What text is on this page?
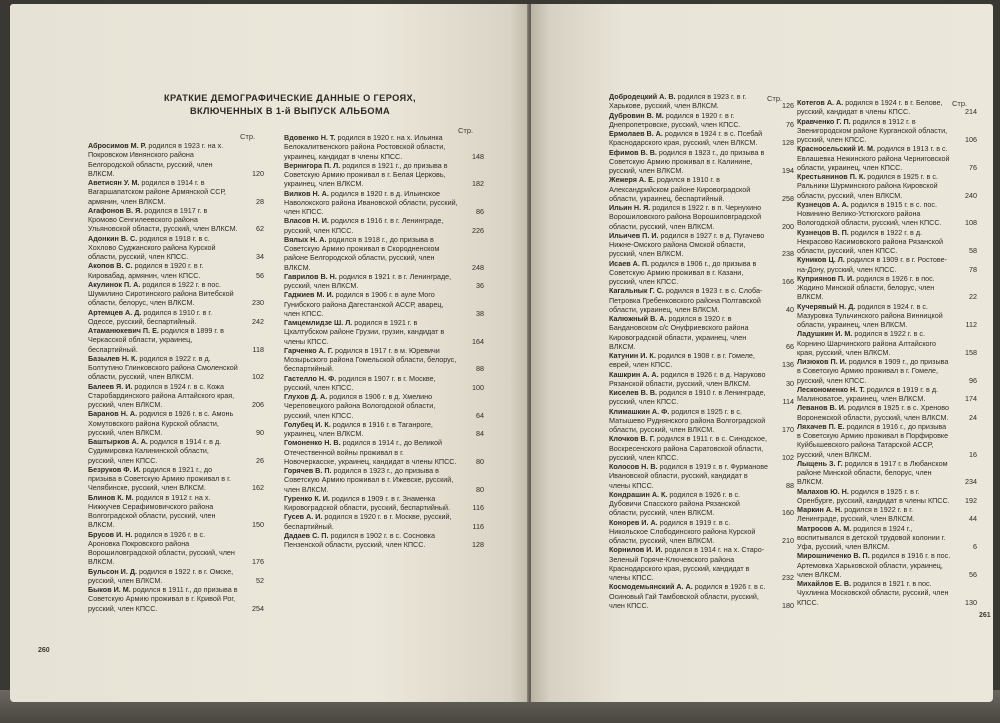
КРАТКИЕ ДЕМОГРАФИЧЕСКИЕ ДАННЫЕ О ГЕРОЯХ,
ВКЛЮЧЕННЫХ В 1-й ВЫПУСК АЛЬБОМА
Стр.
Стр.
Абросимов М. Р. родился в 1923 г. на х. Покровском Ивнянского района Белгородской области, русский, член ВЛКСМ.	120
Аветисян У. М. родился в 1914 г. в Вагаршапатском районе Армянской ССР, армянин, член ВЛКСМ.	28
Агафонов В. Я. родился в 1917 г. в Кромово Сенгилеевского района Ульяновской области, русский, член ВЛКСМ.	62
Адонкин В. С. родился в 1918 г. в с. Хохлово Суджанского района Курской области, русский, член КПСС.	34
Акопов В. С. родился в 1920 г. в г. Кировабад, армянин, член КПСС.	56
Акулинок П. А. родился в 1922 г. в пос. Шумилино Сиротинского района Витебской области, белорус, член ВЛКСМ.	230
Артемцев А. Д. родился в 1910 г. в г. Одессе, русский, беспартийный.	242
Атаманюкевич П. Е. родился в 1899 г. в Черкасской области, украинец, беспартийный.	118
Базылев Н. К. родился в 1922 г. в д. Болтутино Глинковского района Смоленской области, русский, член ВЛКСМ.	102
Балеев Я. И. родился в 1924 г. в с. Кожа Старобардинского района Алтайского края, русский, член ВЛКСМ.	206
Баранов Н. А. родился в 1926 г. в с. Амонь Хомутовского района Курской области, русский, член ВЛКСМ.	90
Баштырков А. А. родился в 1914 г. в д. Судимировка Калининской области, русский, член КПСС.	26
Безруков Ф. И. родился в 1921 г., до призыва в Советскую Армию проживал в г. Челябинске, русский, член ВЛКСМ.	162
Блинов К. М. родился в 1912 г. на х. Нижкучев Серафимовичского района Волгоградской области, русский, член ВЛКСМ.	150
Брусов И. Н. родился в 1926 г. в с. Ароновка Покровского района Ворошиловградской области, русский, член ВЛКСМ.	176
Бульсон И. Д. родился в 1922 г. в г. Омске, русский, член ВЛКСМ.	52
Быков И. М. родился в 1911 г., до призыва в Советскую Армию проживал в г. Кривой Рог, русский, член КПСС.	254
Вдовенко Н. Т. родился в 1920 г. на х. Ильинка Белокалитвенского района Ростовской области, украинец, кандидат в члены КПСС.	148
Вернигора П. Л. родился в 1921 г., до призыва в Советскую Армию проживал в г. Белая Церковь, украинец, член ВЛКСМ.	182
Вилков Н. А. родился в 1920 г. в д. Ильинское Наволокского района Ивановской области, русский, член КПСС.	86
Власов Н. И. родился в 1916 г. в г. Ленинграде, русский, член КПСС.	226
Вялых Н. А. родился в 1918 г., до призыва в Советскую Армию проживал в Скородненском районе Белгородской области, русский, член ВЛКСМ.	248
Гаврилов В. Н. родился в 1921 г. в г. Ленинграде, русский, член ВЛКСМ.	36
Гаджиев М. И. родился в 1906 г. в ауле Мого Гунибского района Дагестанской АССР, аварец, член КПСС.	38
Гамцемлидзе Ш. Л. родился в 1921 г. в Цхалтубском районе Грузии, грузин, кандидат в члены КПСС.	164
Гарченко А. Г. родился в 1917 г. в м. Юревичи Мозырьского района Гомельской области, белорус, беспартийный.	88
Гастелло Н. Ф. родился в 1907 г. в г. Москве, русский, член КПСС.	100
Глухов Д. А. родился в 1906 г. в д. Хмелино Череповецкого района Вологодской области, русский, член КПСС.	64
Голубец И. К. родился в 1916 г. в Таганроге, украинец, член ВЛКСМ.	84
Гомоненко Н. В. родился в 1914 г., до Великой Отечественной войны проживал в г. Новочеркасске, украинец, кандидат в члены КПСС.	80
Горячев В. П. родился в 1923 г., до призыва в Советскую Армию проживал в г. Ижевске, русский, член ВЛКСМ.	80
Гуренко К. И. родился в 1909 г. в г. Знаменка Кировоградской области, русский, беспартийный.	116
Гусев А. И. родился в 1920 г. в г. Москве, русский, беспартийный.	116
Дадаев С. П. родился в 1902 г. в с. Сосновка Пензенской области, русский, член КПСС.	128
260
Стр.
Стр.
Добродецкий А. В. родился в 1923 г. в г. Харькове, русский, член ВЛКСМ.	126
Дубровин В. М. родился в 1920 г. в г. Днепропетровске, русский, член КПСС.	76
Ермолаев В. А. родился в 1924 г. в с. Псебай Краснодарского края, русский, член ВЛКСМ.	128
Ефимов В. В. родился в 1923 г., до призыва в Советскую Армию проживал в г. Калинине, русский, член ВЛКСМ.	194
Жежеря А. Е. родился в 1910 г. в Александрийском районе Кировоградской области, украинец, беспартийный.	258
Ильин Н. Я. родился в 1922 г. в п. Чернухино Ворошиловского района Ворошиловградской области, русский, член ВЛКСМ.	200
Ильичев П. И. родился в 1927 г. в д. Пугачево Нижне-Омского района Омской области, русский, член ВЛКСМ.	238
Исаев А. П. родился в 1906 г., до призыва в Советскую Армию проживал в г. Казани, русский, член КПСС.	166
Кагальнык Г. С. родился в 1923 г. в с. Слоба-Петровка Гребенковского района Полтавской области, украинец, член ВЛКСМ.	40
Калюжный В. А. родился в 1920 г. в Бандановском с/с Онуфриевского района Кировоградской области, украинец, член ВЛКСМ.	66
Катунин И. К. родился в 1908 г. в г. Гомеле, еврей, член КПСС.	136
Кашкрин А. А. родился в 1926 г. в д. Наруково Рязанской области, русский, член ВЛКСМ.	30
Киселев В. В. родился в 1910 г. в Ленинграде, русский, член КПСС.	114
Климашкин А. Ф. родился в 1925 г. в с. Матышево Руднянского района Волгоградской области, русский, член ВЛКСМ.	170
Клочков В. Г. родился в 1911 г. в с. Синодское, Воскресенского района Саратовской области, русский, член КПСС.	102
Колосов Н. В. родился в 1919 г. в г. Фурманове Ивановской области, русский, кандидат в члены КПСС.	88
Кондрашин А. К. родился в 1926 г. в с. Дубовичи Спасского района Рязанской области, русский, член ВЛКСМ.	160
Конорев И. А. родился в 1919 г. в с. Никольское Слободинского района Курской области, русский, член ВЛКСМ.	210
Корнилов И. И. родился в 1914 г. на х. Старо-Зеленый Горяче-Ключевского района Краснодарского края, русский, кандидат в члены КПСС.	232
Космодемьянский А. А. родился в 1926 г. в с. Осиновый Гай Тамбовской области, русский, член КПСС.	180
Котегов А. А. родился в 1924 г. в г. Белове, русский, кандидат в члены КПСС.	214
Кравченко Г. П. родился в 1912 г. в Звенигородском районе Курганской области, русский, член КПСС.	106
Красносельский И. М. родился в 1913 г. в с. Евлашевка Нежинского района Черниговской области, украинец, член КПСС.	76
Крестьянинов П. К. родился в 1925 г. в с. Ральники Шурминского района Кировской области, русский, член ВЛКСМ.	240
Кузнецов А. А. родился в 1915 г. в с. пос. Новинино Велико-Устюгского района Вологодской области, русский, член КПСС.	108
Кузнецов В. П. родился в 1922 г. в д. Некрасово Касимовского района Рязанской области, русский, член КПСС.	58
Куников Ц. Л. родился в 1909 г. в г. Ростове-на-Дону, русский, член КПСС.	78
Куприянов П. И. родился в 1926 г. в пос. Жодино Минской области, белорус, член ВЛКСМ.	22
Кучерявый Н. Д. родился в 1924 г. в с. Мазуровка Тульчинского района Винницкой области, украинец, член ВЛКСМ.	112
Ладушкин И. М. родился в 1922 г. в с. Корнино Шарчинского района Алтайского края, русский, член ВЛКСМ.	158
Лизюков П. И. родился в 1909 г., до призыва в Советскую Армию проживал в г. Гомеле, русский, член КПСС.	96
Лескономенко Н. Т. родился в 1919 г. в д. Малиноватое, украинец, член ВЛКСМ.	174
Леванов В. И. родился в 1925 г. в с. Хреново Воронежской области, русский, член ВЛКСМ.	24
Ляхачев П. Е. родился в 1916 г., до призыва в Советскую Армию проживал в Порфировке Куйбышевского района Татарской АССР, русский, член ВЛКСМ.	16
Лыщень З. Г. родился в 1917 г. в Любанском районе Минской области, белорус, член ВЛКСМ.	234
Малахов Ю. Н. родился в 1925 г. в г. Оренбурге, русский, кандидат в члены КПСС.	192
Маркин А. Н. родился в 1922 г. в г. Ленинграде, русский, член ВЛКСМ.	44
Матросов А. М. родился в 1924 г., воспитывался в детской трудовой колонии г. Уфа, русский, член ВЛКСМ.	6
Мирошниченко В. П. родился в 1916 г. в пос. Артемовка Харьковской области, украинец, член ВЛКСМ.	56
Михайлов Е. В. родился в 1921 г. в пос. Чухлинка Московской области, русский, член КПСС.	130
261
